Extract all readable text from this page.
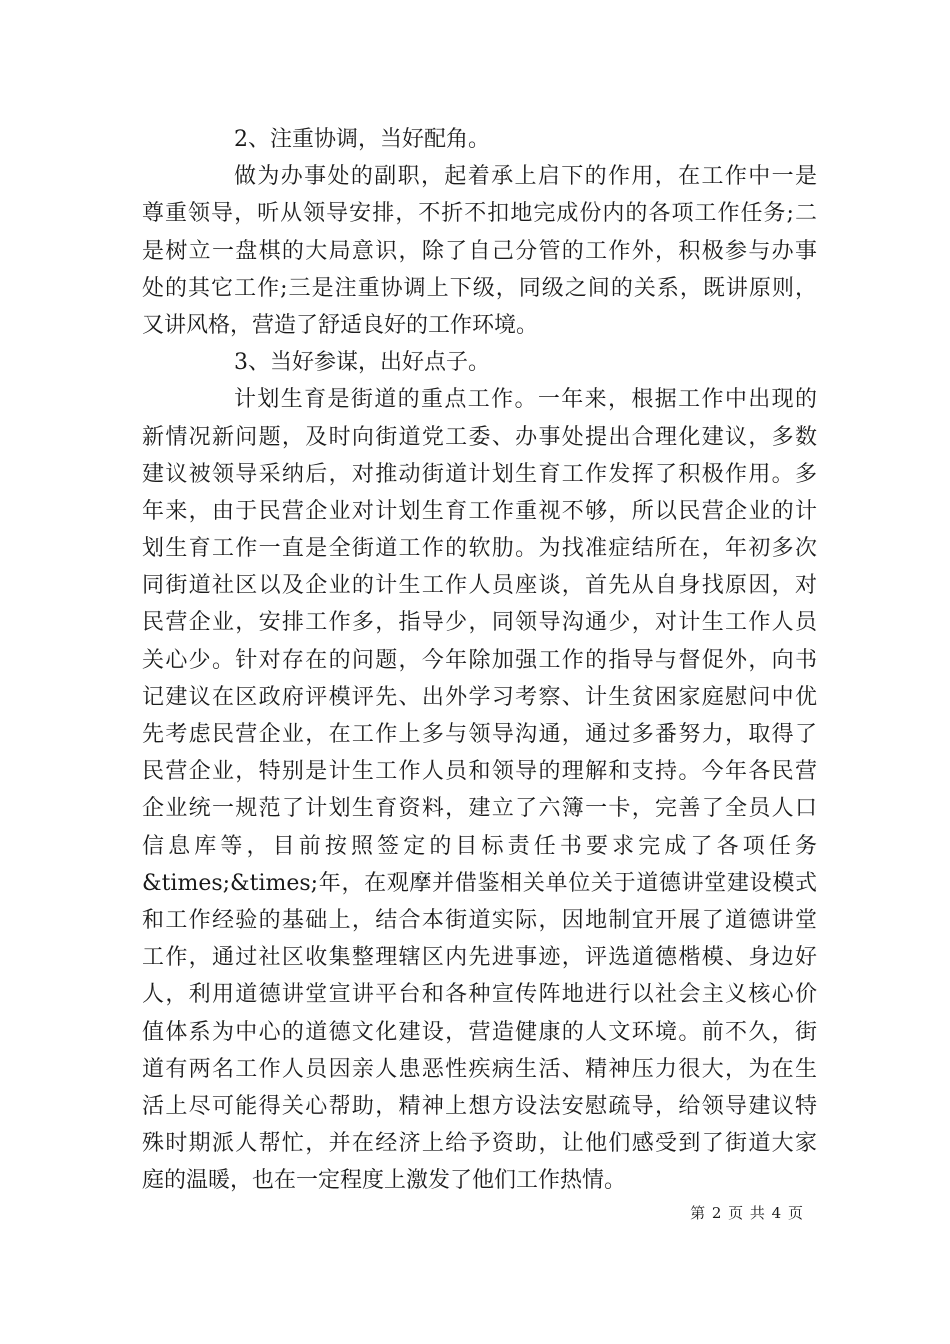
2、注重协调，当好配角。
做为办事处的副职，起着承上启下的作用，在工作中一是
尊重领导，听从领导安排，不折不扣地完成份内的各项工作任务;二
是树立一盘棋的大局意识，除了自己分管的工作外，积极参与办事
处的其它工作;三是注重协调上下级，同级之间的关系，既讲原则，
又讲风格，营造了舒适良好的工作环境。
3、当好参谋，出好点子。
计划生育是街道的重点工作。一年来，根据工作中出现的
新情况新问题，及时向街道党工委、办事处提出合理化建议，多数
建议被领导采纳后，对推动街道计划生育工作发挥了积极作用。多
年来，由于民营企业对计划生育工作重视不够，所以民营企业的计
划生育工作一直是全街道工作的软肋。为找准症结所在，年初多次
同街道社区以及企业的计生工作人员座谈，首先从自身找原因，对
民营企业，安排工作多，指导少，同领导沟通少，对计生工作人员
关心少。针对存在的问题，今年除加强工作的指导与督促外，向书
记建议在区政府评模评先、出外学习考察、计生贫困家庭慰问中优
先考虑民营企业，在工作上多与领导沟通，通过多番努力，取得了
民营企业，特别是计生工作人员和领导的理解和支持。今年各民营
企业统一规范了计划生育资料，建立了六簿一卡，完善了全员人口
信息库等，目前按照签定的目标责任书要求完成了各项任务
&times;&times;年，在观摩并借鉴相关单位关于道德讲堂建设模式
和工作经验的基础上，结合本街道实际，因地制宜开展了道德讲堂
工作，通过社区收集整理辖区内先进事迹，评选道德楷模、身边好
人，利用道德讲堂宣讲平台和各种宣传阵地进行以社会主义核心价
值体系为中心的道德文化建设，营造健康的人文环境。前不久，街
道有两名工作人员因亲人患恶性疾病生活、精神压力很大，为在生
活上尽可能得关心帮助，精神上想方设法安慰疏导，给领导建议特
殊时期派人帮忙，并在经济上给予资助，让他们感受到了街道大家
庭的温暖，也在一定程度上激发了他们工作热情。
第 2 页 共 4 页
